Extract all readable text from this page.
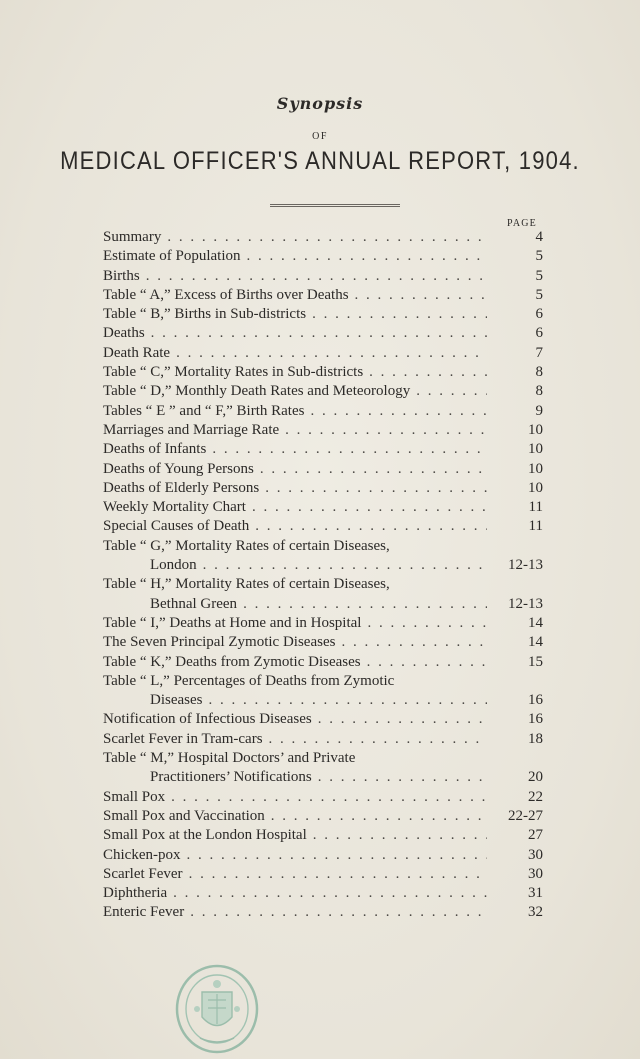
Synopsis
OF
MEDICAL OFFICER'S ANNUAL REPORT, 1904.
PAGE
Summary . . .	4
Estimate of Population . . .	5
Births . . .	5
Table “ A,” Excess of Births over Deaths . . .	5
Table “ B,” Births in Sub-districts . . .	6
Deaths . . .	6
Death Rate . . .	7
Table “ C,” Mortality Rates in Sub-districts . . .	8
Table “ D,” Monthly Death Rates and Meteorology . . .	8
Tables “ E ” and “ F,” Birth Rates . . .	9
Marriages and Marriage Rate . . .	10
Deaths of Infants . . .	10
Deaths of Young Persons . . .	10
Deaths of Elderly Persons . . .	10
Weekly Mortality Chart . . .	11
Special Causes of Death . . .	11
Table “ G,” Mortality Rates of certain Diseases,
London . . .	12-13
Table “ H,” Mortality Rates of certain Diseases,
Bethnal Green . . .	12-13
Table “ I,” Deaths at Home and in Hospital . . .	14
The Seven Principal Zymotic Diseases . . .	14
Table “ K,” Deaths from Zymotic Diseases . . .	15
Table “ L,” Percentages of Deaths from Zymotic
Diseases . . .	16
Notification of Infectious Diseases . . .	16
Scarlet Fever in Tram-cars . . .	18
Table “ M,” Hospital Doctors’ and Private
Practitioners’ Notifications . . .	20
Small Pox . . .	22
Small Pox and Vaccination . . .	22-27
Small Pox at the London Hospital . . .	27
Chicken-pox . . .	30
Scarlet Fever . . .	30
Diphtheria . . .	31
Enteric Fever . . .	32
